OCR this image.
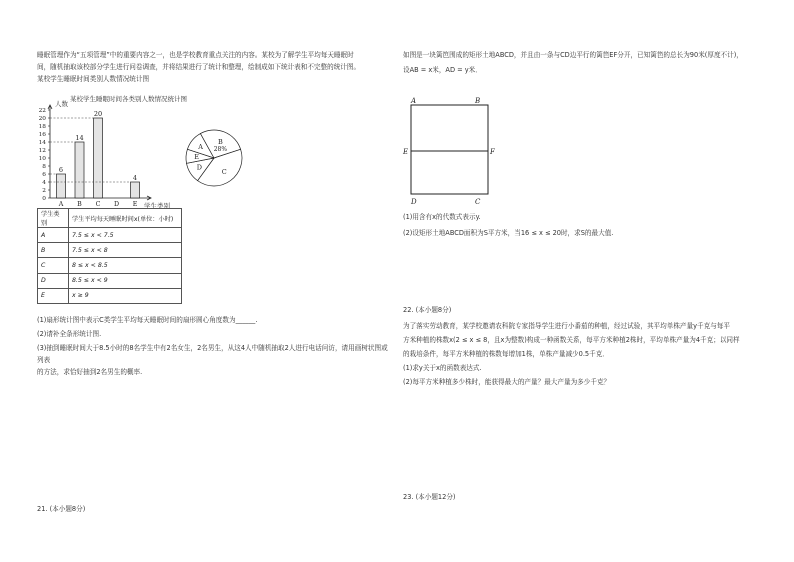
睡眠管理作为“五项管理”中的重要内容之一，也是学校教育重点关注的内容。某校为了解学生平均每天睡眠时
间，随机抽取该校部分学生进行问卷调查，并将结果进行了统计和整理，绘制成如下统计表和不完整的统计图。
某校学生睡眠时间类别人数情况统计图
某校学生睡眠时间各类别人数情况统计图
人数
0
2
4
6
8
10
12
14
16
18
20
22
6
14
20
4
A B C D E 学生类别
A
B
28%
C
D
E
学生类别	学生平均每天睡眠时间x(单位：小时)
A	7.5 ≤ x < 7.5
B	7.5 ≤ x < 8
C	8 ≤ x < 8.5
D	8.5 ≤ x < 9
E	x ≥ 9
(1)扇形统计图中表示C类学生平均每天睡眠时间的扇形圆心角度数为______.
(2)请补全条形统计图.
(3)抽到睡眠时间大于8.5小时的8名学生中有2名女生，2名男生，从这4人中随机抽取2人进行电话问访，请用画树状图或列表
的方法，求恰好抽到2名男生的概率.
21. (本小题8分)
如图是一块篱笆围成的矩形土地ABCD，并且由一条与CD边平行的篱笆EF分开，已知篱笆的总长为90米(厚度不计)，
设AB = x米，AD = y米．
A	B
E	F
D	C
(1)用含有x的代数式表示y.
(2)设矩形土地ABCD面积为S平方米，当16 ≤ x ≤ 20时，求S的最大值.
22. (本小题8分)
为了落实劳动教育，某学校邀请农科院专家指导学生进行小番茄的种植，经过试验，其平均单株产量y千克与每平
方米种植的株数x(2 ≤ x ≤ 8，且x为整数)构成一种函数关系，每平方米种植2株时，平均单株产量为4千克；以同样
的栽培条件，每平方米种植的株数每增加1株，单株产量减少0.5千克．
(1)求y关于x的函数表达式.
(2)每平方米种植多少株时，能获得最大的产量？最大产量为多少千克？
23. (本小题12分)
